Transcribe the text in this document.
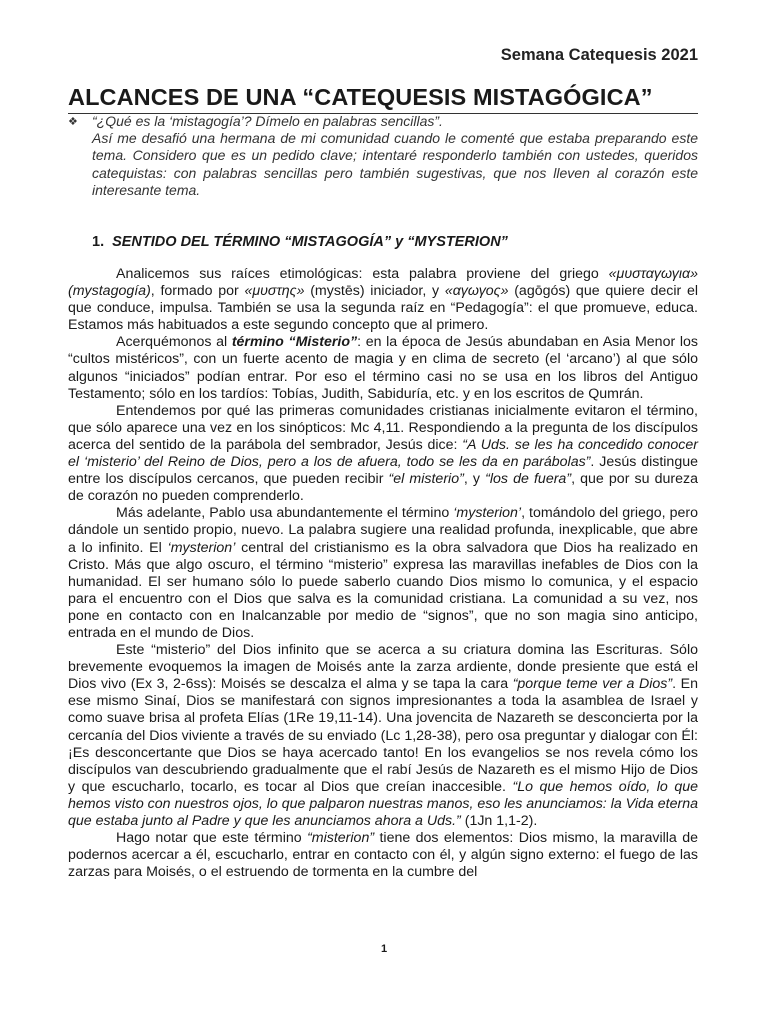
Semana Catequesis 2021
ALCANCES DE UNA “CATEQUESIS MISTAGÓGICA”
❖ “¿Qué es la ‘mistagogía’? Dímelo en palabras sencillas”.

Así me desafió una hermana de mi comunidad cuando le comenté que estaba preparando este tema. Considero que es un pedido clave; intentaré responderlo también con ustedes, queridos catequistas: con palabras sencillas pero también sugestivas, que nos lleven al corazón este interesante tema.

1. SENTIDO DEL TÉRMINO “MISTAGOGÍA” y “MYSTERION”

Analicemos sus raíces etimológicas: esta palabra proviene del griego «μυσταγωγια» (mystagogía), formado por «μυστης» (mystēs) iniciador, y «αγωγος» (agōgós) que quiere decir el que conduce, impulsa. También se usa la segunda raíz en “Pedagogía”: el que promueve, educa. Estamos más habituados a este segundo concepto que al primero.

Acerquémonos al término “Misterio”: en la época de Jesús abundaban en Asia Menor los “cultos mistéricos”, con un fuerte acento de magia y en clima de secreto (el ‘arcano’) al que sólo algunos “iniciados” podían entrar. Por eso el término casi no se usa en los libros del Antiguo Testamento; sólo en los tardíos: Tobías, Judith, Sabiduría, etc. y en los escritos de Qumrán.

Entendemos por qué las primeras comunidades cristianas inicialmente evitaron el término, que sólo aparece una vez en los sinópticos: Mc 4,11. Respondiendo a la pregunta de los discípulos acerca del sentido de la parábola del sembrador, Jesús dice: “A Uds. se les ha concedido conocer el ‘misterio’ del Reino de Dios, pero a los de afuera, todo se les da en parábolas”. Jesús distingue entre los discípulos cercanos, que pueden recibir “el misterio”, y “los de fuera”, que por su dureza de corazón no pueden comprenderlo.

Más adelante, Pablo usa abundantemente el término ‘mysterion’, tomándolo del griego, pero dándole un sentido propio, nuevo. La palabra sugiere una realidad profunda, inexplicable, que abre a lo infinito. El ‘mysterion’ central del cristianismo es la obra salvadora que Dios ha realizado en Cristo. Más que algo oscuro, el término “misterio” expresa las maravillas inefables de Dios con la humanidad. El ser humano sólo lo puede saberlo cuando Dios mismo lo comunica, y el espacio para el encuentro con el Dios que salva es la comunidad cristiana. La comunidad a su vez, nos pone en contacto con en Inalcanzable por medio de “signos”, que no son magia sino anticipo, entrada en el mundo de Dios.

Este “misterio” del Dios infinito que se acerca a su criatura domina las Escrituras. Sólo brevemente evoquemos la imagen de Moisés ante la zarza ardiente, donde presiente que está el Dios vivo (Ex 3, 2-6ss): Moisés se descalza el alma y se tapa la cara “porque teme ver a Dios”. En ese mismo Sinaí, Dios se manifestará con signos impresionantes a toda la asamblea de Israel y como suave brisa al profeta Elías (1Re 19,11-14). Una jovencita de Nazareth se desconcierta por la cercanía del Dios viviente a través de su enviado (Lc 1,28-38), pero osa preguntar y dialogar con Él: ¡Es desconcertante que Dios se haya acercado tanto! En los evangelios se nos revela cómo los discípulos van descubriendo gradualmente que el rabí Jesús de Nazareth es el mismo Hijo de Dios y que escucharlo, tocarlo, es tocar al Dios que creían inaccesible. “Lo que hemos oído, lo que hemos visto con nuestros ojos, lo que palparon nuestras manos, eso les anunciamos: la Vida eterna que estaba junto al Padre y que les anunciamos ahora a Uds.” (1Jn 1,1-2).

Hago notar que este término “misterion” tiene dos elementos: Dios mismo, la maravilla de podernos acercar a él, escucharlo, entrar en contacto con él, y algún signo externo: el fuego de las zarzas para Moisés, o el estruendo de tormenta en la cumbre del

1
